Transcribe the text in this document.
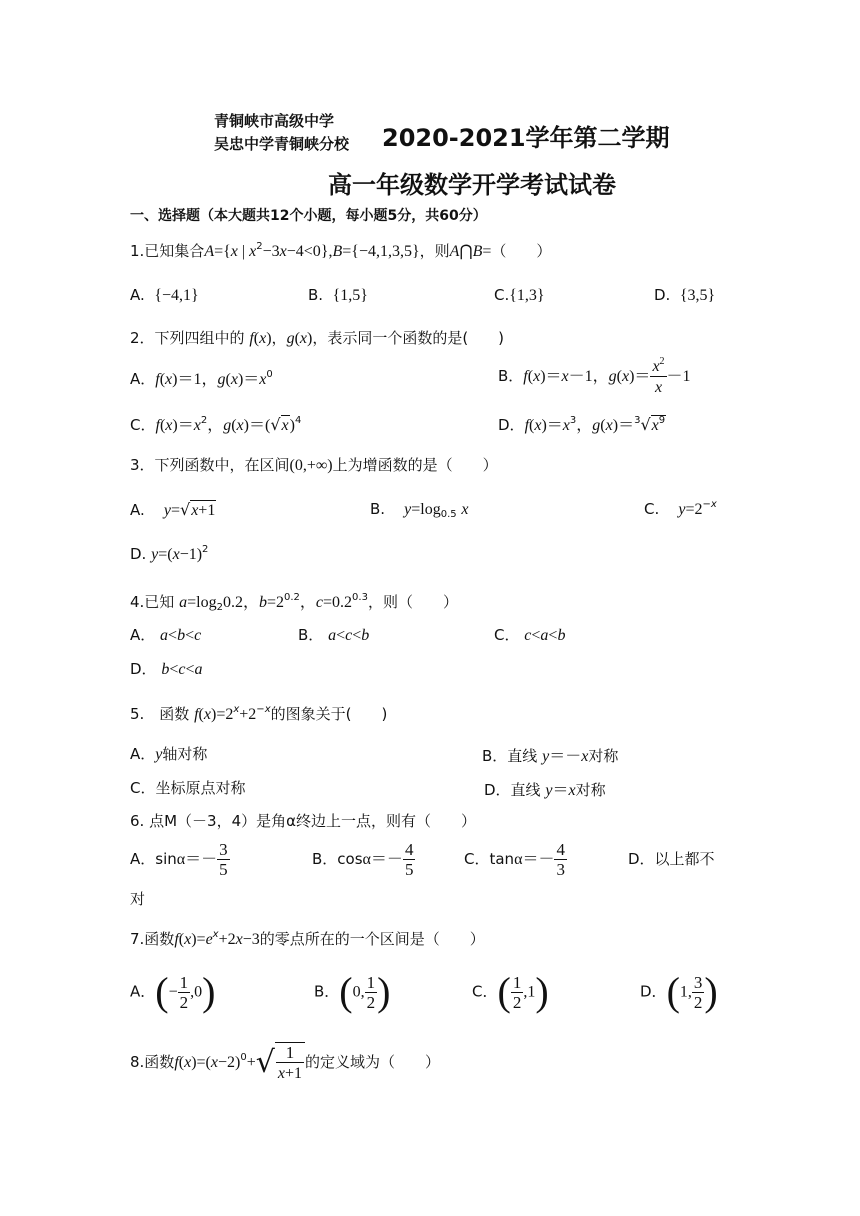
青铜峡市高级中学
吴忠中学青铜峡分校 2020-2021学年第二学期
高一年级数学开学考试试卷
一、选择题（本大题共12个小题，每小题5分，共60分）
1.已知集合A={x | $x^2-3x-4<0\},B=\{-4,1,3,5\}$，则A⋂B=（　　）
A. {−4,1}	B. {1,5}	C.{1,3}	D. {3,5}
2．下列四组中的 f(x)，g(x)，表示同一个函数的是(　　)
A．f(x)＝1，$g(x)=x^0$	B．f(x)＝x－1，$g(x)= \frac{x^2}{x} -1$
C．$f(x)=x^2$，$g(x)=(√x)^4$	D．$f(x)=x^3$，$g(x)=^3√x^9$
3．下列函数中，在区间(0,+∞)上为增函数的是（　　）
A. y=√x+1	B. $y=\log_{0.5}$ x	C. $y=2^{-x}$
D. $y=(x-1)^2$
4.已知 $a=\log_20.2$，$b=2^{0.2}$，$c=0.2^{0.3}$，则（　　）
A． a<b<c	B． a<c<b	C． c<a<b
D． b<c<a
5.　函数 $f(x)=2^x+2^{-x}$的图象关于(　　)
A．y轴对称	B．直线 y＝－x对称
C．坐标原点对称	D．直线 y＝x对称
6. 点M（－3，4）是角α终边上一点，则有（　　）
A．$\sin\alpha=- \frac{3}{5}$	B．$\cos\alpha=- \frac{4}{5}$	C．$\tan\alpha=- \frac{4}{3}$	D．以上都不
对
7.函数$f(x)=e^x+2x-3$的零点所在的一个区间是（　　）
A．(− $\frac{1}{2} ,0$)	B．(0, $\frac{1}{2}$ )	C．( $\frac{1}{2} ,1$)	D．(1, $\frac{3}{2}$ )
8.函数$f(x)=(x-2)^0+√ \frac{1}{x+1}$ 的定义域为（　　）
